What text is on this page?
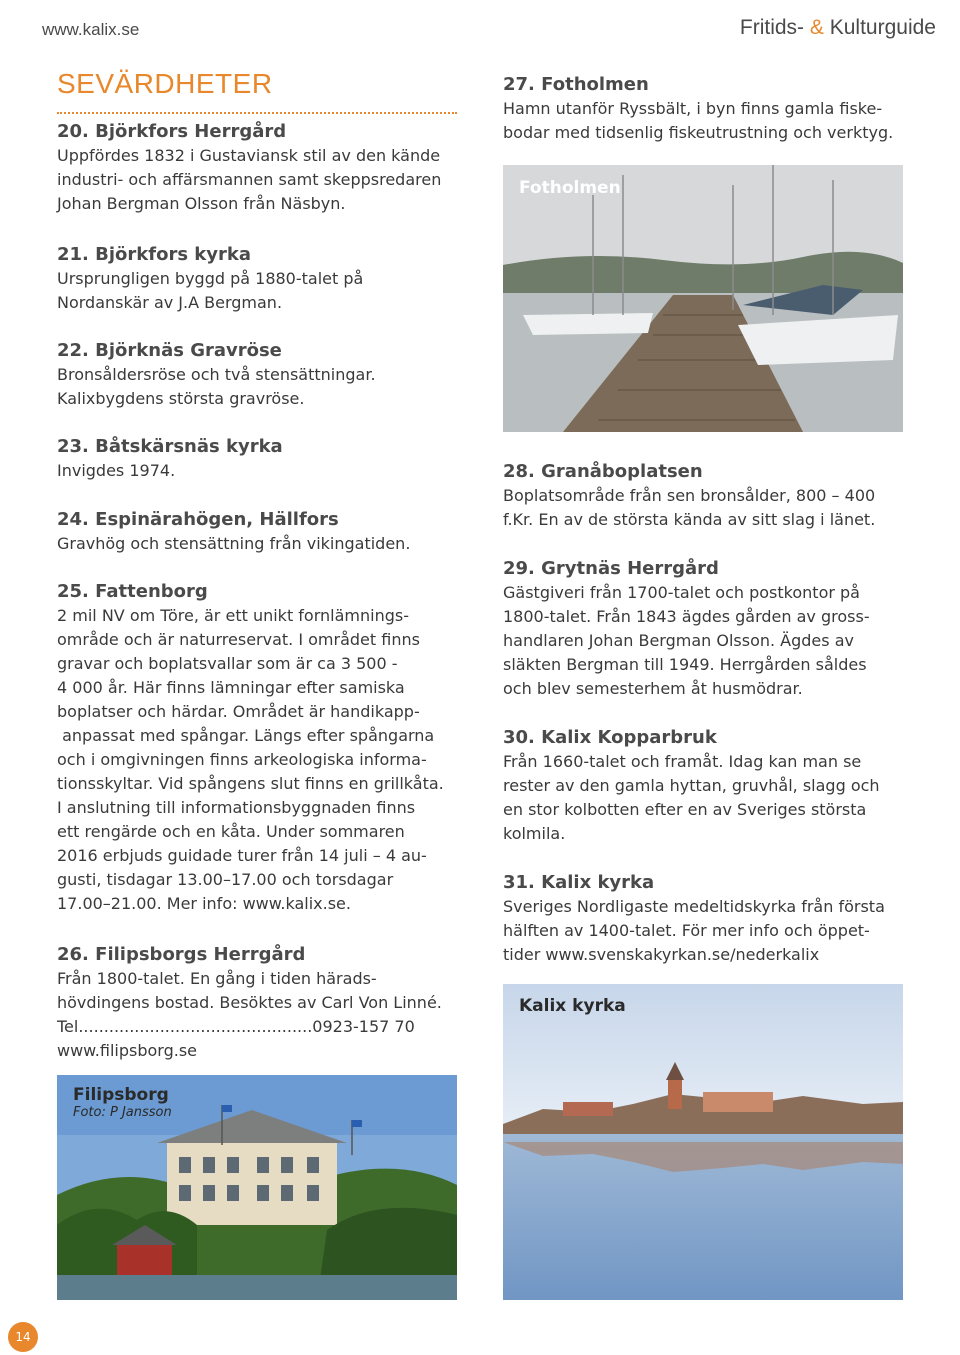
www.kalix.se	Fritids- & Kulturguide
SEVÄRDHETER
20. Björkfors Herrgård

Uppfördes 1832 i Gustaviansk stil av den kände
industri- och affärsmannen samt skeppsredaren
Johan Bergman Olsson från Näsbyn.

21. Björkfors kyrka

Ursprungligen byggd på 1880-talet på
Nordanskär av J.A Bergman.

22. Björknäs Gravröse

Bronsåldersröse och två stensättningar.
Kalixbygdens största gravröse.

23. Båtskärsnäs kyrka

Invigdes 1974.

24. Espinärahögen, Hällfors

Gravhög och stensättning från vikingatiden.

25. Fattenborg

2 mil NV om Töre, är ett unikt fornlämnings-
område och är naturreservat. I området finns
gravar och boplatsvallar som är ca 3 500 -
4 000 år. Här finns lämningar efter samiska
boplatser och härdar. Området är handikapp-
anpassat med spångar. Längs efter spångarna
och i omgivningen finns arkeologiska informa-
tionsskyltar. Vid spångens slut finns en grillkåta.
I anslutning till informationsbyggnaden finns
ett rengärde och en kåta. Under sommaren
2016 erbjuds guidade turer från 14 juli – 4 au-
gusti, tisdagar 13.00–17.00 och torsdagar
17.00–21.00. Mer info: www.kalix.se.

26. Filipsborgs Herrgård

Från 1800-talet. En gång i tiden härads-
hövdingens bostad. Besöktes av Carl Von Linné.
Tel..............................................0923-157 70
www.filipsborg.se

Filipsborg
Foto: P Jansson
27. Fotholmen

Hamn utanför Ryssbält, i byn finns gamla fiske-
bodar med tidsenlig fiskeutrustning och verktyg.

Fotholmen
28. Granåboplatsen

Boplatsområde från sen bronsålder, 800 – 400
f.Kr. En av de största kända av sitt slag i länet.

29. Grytnäs Herrgård

Gästgiveri från 1700-talet och postkontor på
1800-talet. Från 1843 ägdes gården av gross-
handlaren Johan Bergman Olsson. Ägdes av
släkten Bergman till 1949. Herrgården såldes
och blev semesterhem åt husmödrar.

30. Kalix Kopparbruk

Från 1660-talet och framåt. Idag kan man se
rester av den gamla hyttan, gruvhål, slagg och
en stor kolbotten efter en av Sveriges största
kolmila.

31. Kalix kyrka

Sveriges Nordligaste medeltidskyrka från första
hälften av 1400-talet. För mer info och öppet-
tider www.svenskakyrkan.se/nederkalix

Kalix kyrka
14
